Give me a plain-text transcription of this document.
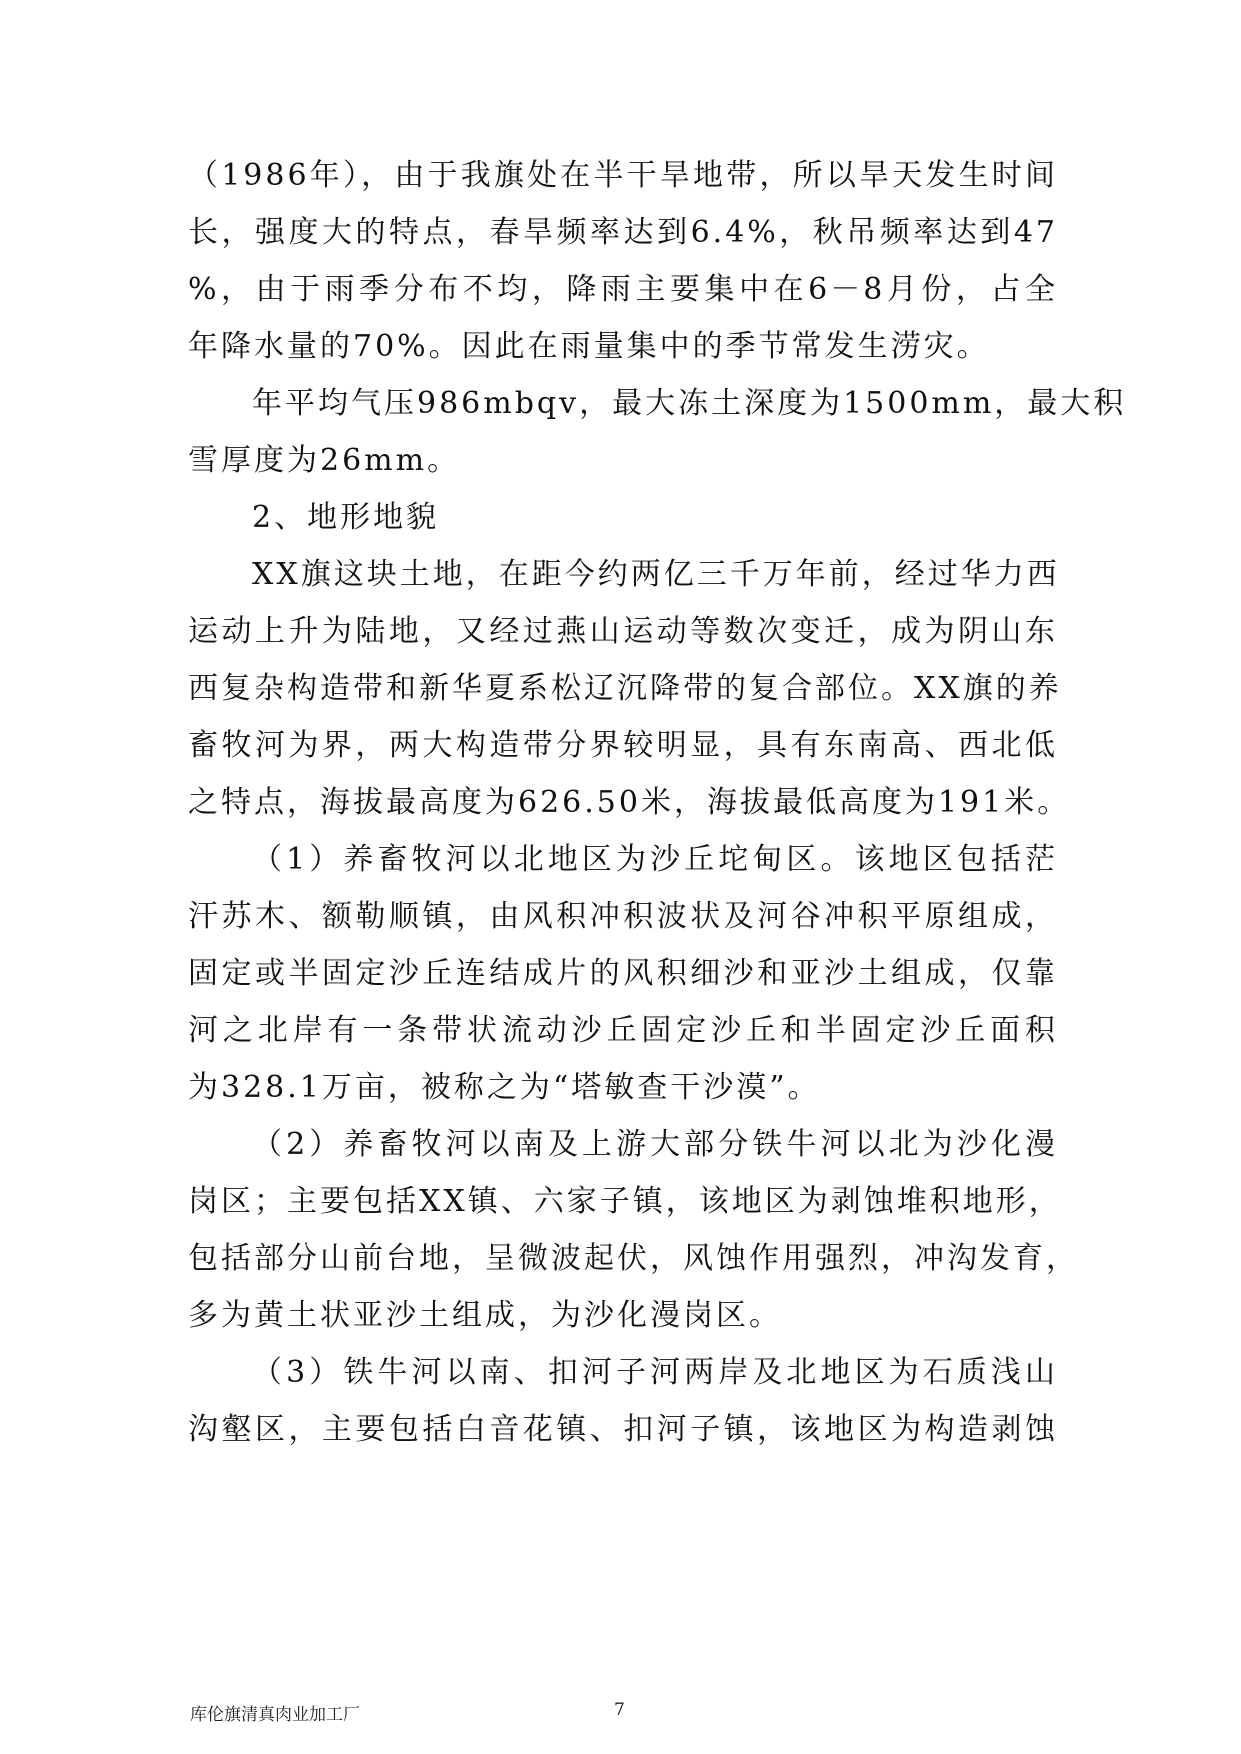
（1986年），由于我旗处在半干旱地带，所以旱天发生时间
长，强度大的特点，春旱频率达到6.4%，秋吊频率达到47
%，由于雨季分布不均，降雨主要集中在6－8月份，占全
年降水量的70%。因此在雨量集中的季节常发生涝灾。
年平均气压986mbqv，最大冻土深度为1500mm，最大积
雪厚度为26mm。
2、地形地貌
XX旗这块土地，在距今约两亿三千万年前，经过华力西
运动上升为陆地，又经过燕山运动等数次变迁，成为阴山东
西复杂构造带和新华夏系松辽沉降带的复合部位。XX旗的养
畜牧河为界，两大构造带分界较明显，具有东南高、西北低
之特点，海拔最高度为626.50米，海拔最低高度为191米。
（1）养畜牧河以北地区为沙丘坨甸区。该地区包括茫
汗苏木、额勒顺镇，由风积冲积波状及河谷冲积平原组成，
固定或半固定沙丘连结成片的风积细沙和亚沙土组成，仅靠
河之北岸有一条带状流动沙丘固定沙丘和半固定沙丘面积
为328.1万亩，被称之为“塔敏查干沙漠”。
（2）养畜牧河以南及上游大部分铁牛河以北为沙化漫
岗区；主要包括XX镇、六家子镇，该地区为剥蚀堆积地形，
包括部分山前台地，呈微波起伏，风蚀作用强烈，冲沟发育，
多为黄土状亚沙土组成，为沙化漫岗区。
（3）铁牛河以南、扣河子河两岸及北地区为石质浅山
沟壑区，主要包括白音花镇、扣河子镇，该地区为构造剥蚀
库伦旗清真肉业加工厂	7
